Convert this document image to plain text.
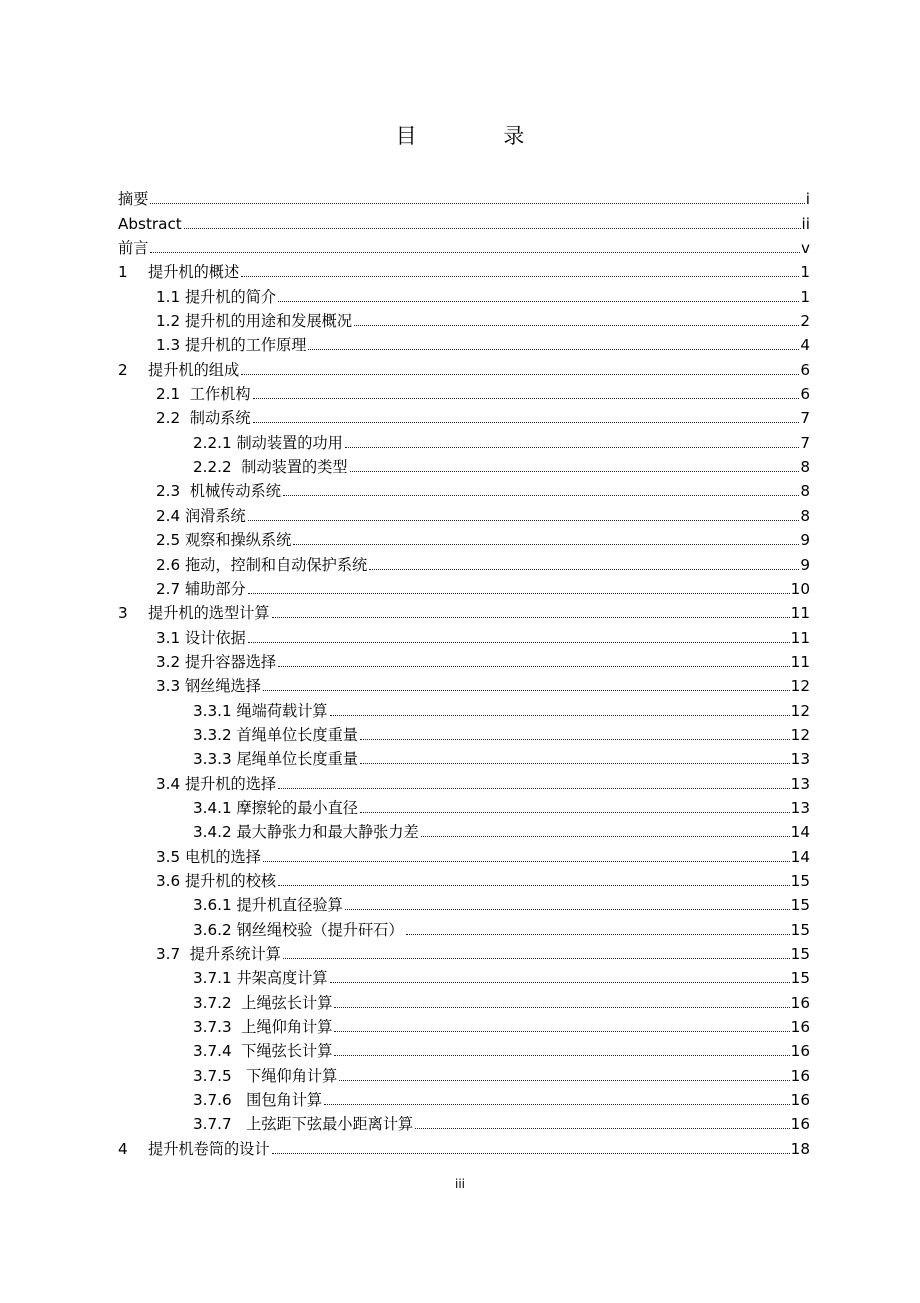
目 录
摘要	i
Abstract	ii
前言	v
1 提升机的概述	1
1.1 提升机的简介	1
1.2 提升机的用途和发展概况	2
1.3 提升机的工作原理	4
2 提升机的组成	6
2.1  工作机构	6
2.2  制动系统	7
2.2.1 制动装置的功用	7
2.2.2  制动装置的类型	8
2.3  机械传动系统	8
2.4 润滑系统	8
2.5 观察和操纵系统	9
2.6 拖动，控制和自动保护系统	9
2.7 辅助部分	10
3 提升机的选型计算	11
3.1 设计依据	11
3.2 提升容器选择	11
3.3 钢丝绳选择	12
3.3.1 绳端荷载计算	12
3.3.2 首绳单位长度重量	12
3.3.3 尾绳单位长度重量	13
3.4 提升机的选择	13
3.4.1 摩擦轮的最小直径	13
3.4.2 最大静张力和最大静张力差	14
3.5 电机的选择	14
3.6 提升机的校核	15
3.6.1 提升机直径验算	15
3.6.2 钢丝绳校验（提升矸石）	15
3.7  提升系统计算	15
3.7.1 井架高度计算	15
3.7.2  上绳弦长计算	16
3.7.3  上绳仰角计算	16
3.7.4  下绳弦长计算	16
3.7.5   下绳仰角计算	16
3.7.6   围包角计算	16
3.7.7   上弦距下弦最小距离计算	16
4 提升机卷筒的设计	18
iii
